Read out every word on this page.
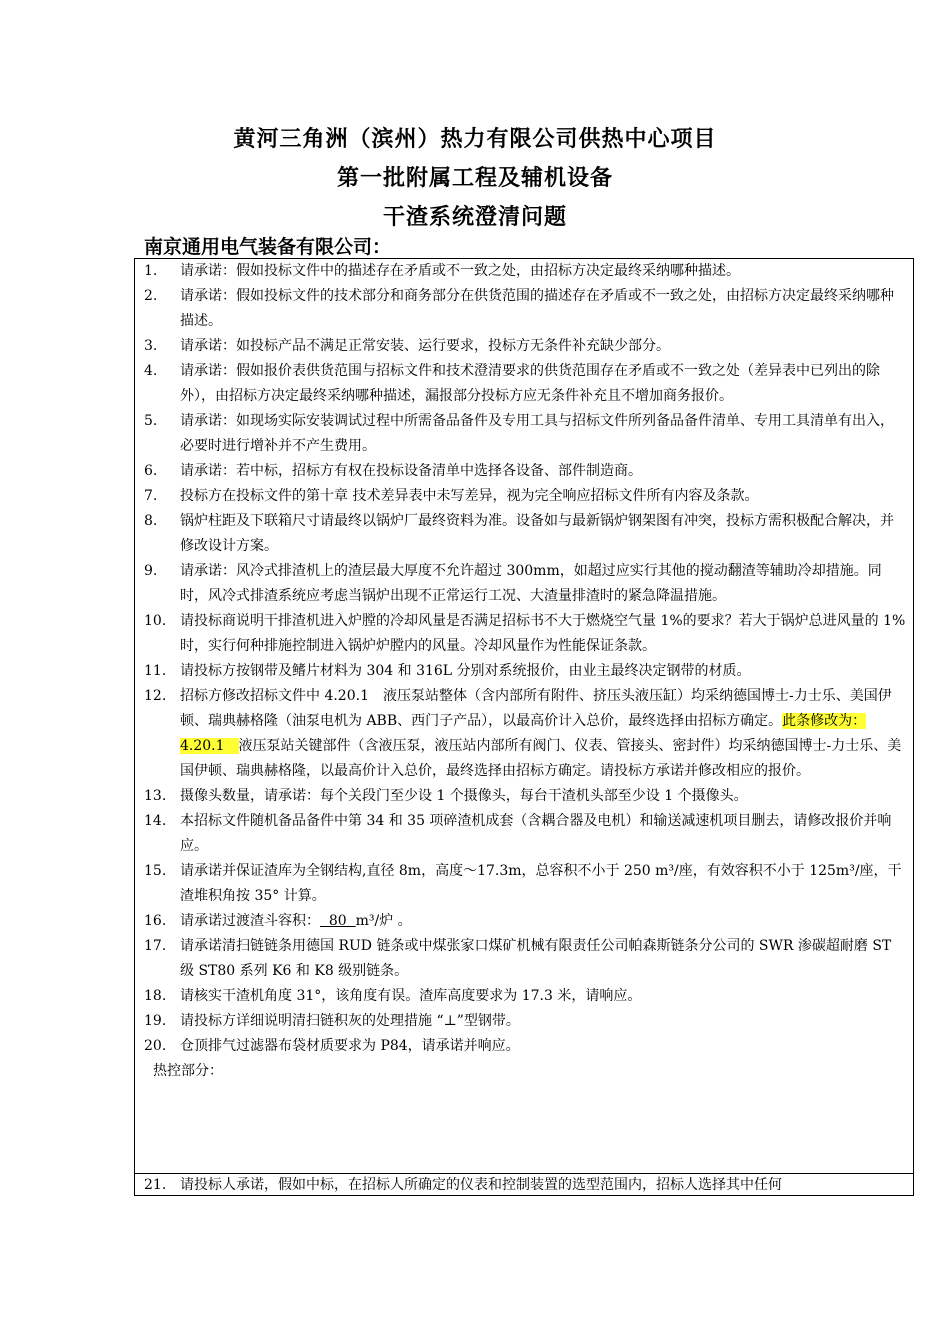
黄河三角洲（滨州）热力有限公司供热中心项目
第一批附属工程及辅机设备
干渣系统澄清问题
南京通用电气装备有限公司：
1.	请承诺：假如投标文件中的描述存在矛盾或不一致之处，由招标方决定最终采纳哪种描述。
2.	请承诺：假如投标文件的技术部分和商务部分在供货范围的描述存在矛盾或不一致之处，由招标方决定最终采纳哪种描述。
3.	请承诺：如投标产品不满足正常安装、运行要求，投标方无条件补充缺少部分。
4.	请承诺：假如报价表供货范围与招标文件和技术澄清要求的供货范围存在矛盾或不一致之处（差异表中已列出的除外），由招标方决定最终采纳哪种描述，漏报部分投标方应无条件补充且不增加商务报价。
5.	请承诺：如现场实际安装调试过程中所需备品备件及专用工具与招标文件所列备品备件清单、专用工具清单有出入，必要时进行增补并不产生费用。
6.	请承诺：若中标，招标方有权在投标设备清单中选择各设备、部件制造商。
7.	投标方在投标文件的第十章 技术差异表中未写差异，视为完全响应招标文件所有内容及条款。
8.	锅炉柱距及下联箱尺寸请最终以锅炉厂最终资料为准。设备如与最新锅炉钢架图有冲突，投标方需积极配合解决，并修改设计方案。
9.	请承诺：风冷式排渣机上的渣层最大厚度不允许超过 300mm，如超过应实行其他的搅动翻渣等辅助冷却措施。同时，风冷式排渣系统应考虑当锅炉出现不正常运行工况、大渣量排渣时的紧急降温措施。
10. 请投标商说明干排渣机进入炉膛的冷却风量是否满足招标书不大于燃烧空气量 1%的要求？若大于锅炉总进风量的 1%时，实行何种排施控制进入锅炉炉膛内的风量。冷却风量作为性能保证条款。
11. 请投标方按钢带及鳍片材料为 304 和 316L 分别对系统报价，由业主最终决定钢带的材质。
12. 招标方修改招标文件中 4.20.1　液压泵站整体（含内部所有附件、挤压头液压缸）均采纳德国博士-力士乐、美国伊顿、瑞典赫格隆（油泵电机为 ABB、西门子产品），以最高价计入总价，最终选择由招标方确定。此条修改为：4.20.1　液压泵站关键部件（含液压泵，液压站内部所有阀门、仪表、管接头、密封件）均采纳德国博士-力士乐、美国伊顿、瑞典赫格隆，以最高价计入总价，最终选择由招标方确定。请投标方承诺并修改相应的报价。
13. 摄像头数量，请承诺：每个关段门至少设 1 个摄像头，每台干渣机头部至少设 1 个摄像头。
14. 本招标文件随机备品备件中第 34 和 35 项碎渣机成套（含耦合器及电机）和输送减速机项目删去，请修改报价并响应。
15. 请承诺并保证渣库为全钢结构,直径 8m，高度～17.3m，总容积不小于 250 m³/座，有效容积不小于 125m³/座，干渣堆积角按 35° 计算。
16. 请承诺过渡渣斗容积：  80  m³/炉 。
17. 请承诺清扫链链条用德国 RUD 链条或中煤张家口煤矿机械有限责任公司帕森斯链条分公司的 SWR 渗碳超耐磨 ST 级 ST80 系列 K6 和 K8 级别链条。
18. 请核实干渣机角度 31°，该角度有误。渣库高度要求为 17.3 米，请响应。
19. 请投标方详细说明清扫链积灰的处理措施 “⊥”型钢带。
20. 仓顶排气过滤器布袋材质要求为 P84，请承诺并响应。
热控部分：
21. 请投标人承诺，假如中标，在招标人所确定的仪表和控制装置的选型范围内，招标人选择其中任何
